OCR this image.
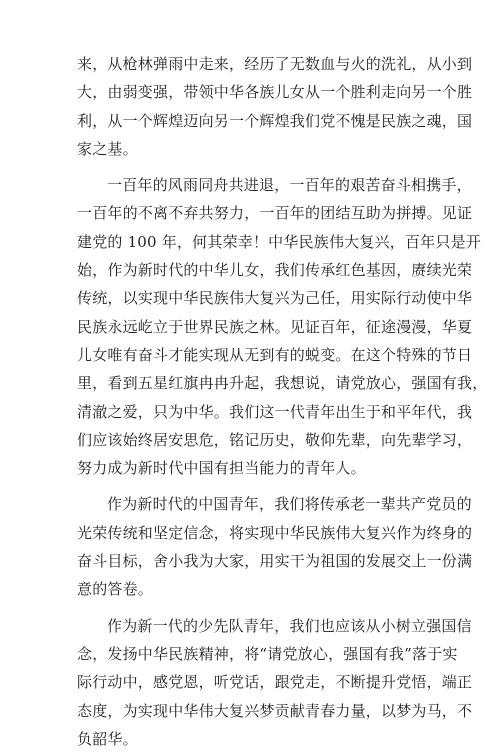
来，从枪林弹雨中走来，经历了无数血与火的洗礼，从小到
大，由弱变强，带领中华各族儿女从一个胜利走向另一个胜
利，从一个辉煌迈向另一个辉煌我们党不愧是民族之魂，国
家之基。
一百年的风雨同舟共进退，一百年的艰苦奋斗相携手，
一百年的不离不弃共努力，一百年的团结互助为拼搏。见证
建党的 100 年，何其荣幸！中华民族伟大复兴，百年只是开
始，作为新时代的中华儿女，我们传承红色基因，赓续光荣
传统，以实现中华民族伟大复兴为己任，用实际行动使中华
民族永远屹立于世界民族之林。见证百年，征途漫漫，华夏
儿女唯有奋斗才能实现从无到有的蜕变。在这个特殊的节日
里，看到五星红旗冉冉升起，我想说，请党放心，强国有我，
清澈之爱，只为中华。我们这一代青年出生于和平年代，我
们应该始终居安思危，铭记历史，敬仰先辈，向先辈学习，
努力成为新时代中国有担当能力的青年人。
作为新时代的中国青年，我们将传承老一辈共产党员的
光荣传统和坚定信念，将实现中华民族伟大复兴作为终身的
奋斗目标，舍小我为大家，用实干为祖国的发展交上一份满
意的答卷。
作为新一代的少先队青年，我们也应该从小树立强国信
念，发扬中华民族精神，将“请党放心，强国有我”落于实
际行动中，感党恩，听党话，跟党走，不断提升党悟，端正
态度，为实现中华伟大复兴梦贡献青春力量，以梦为马，不
负韶华。
